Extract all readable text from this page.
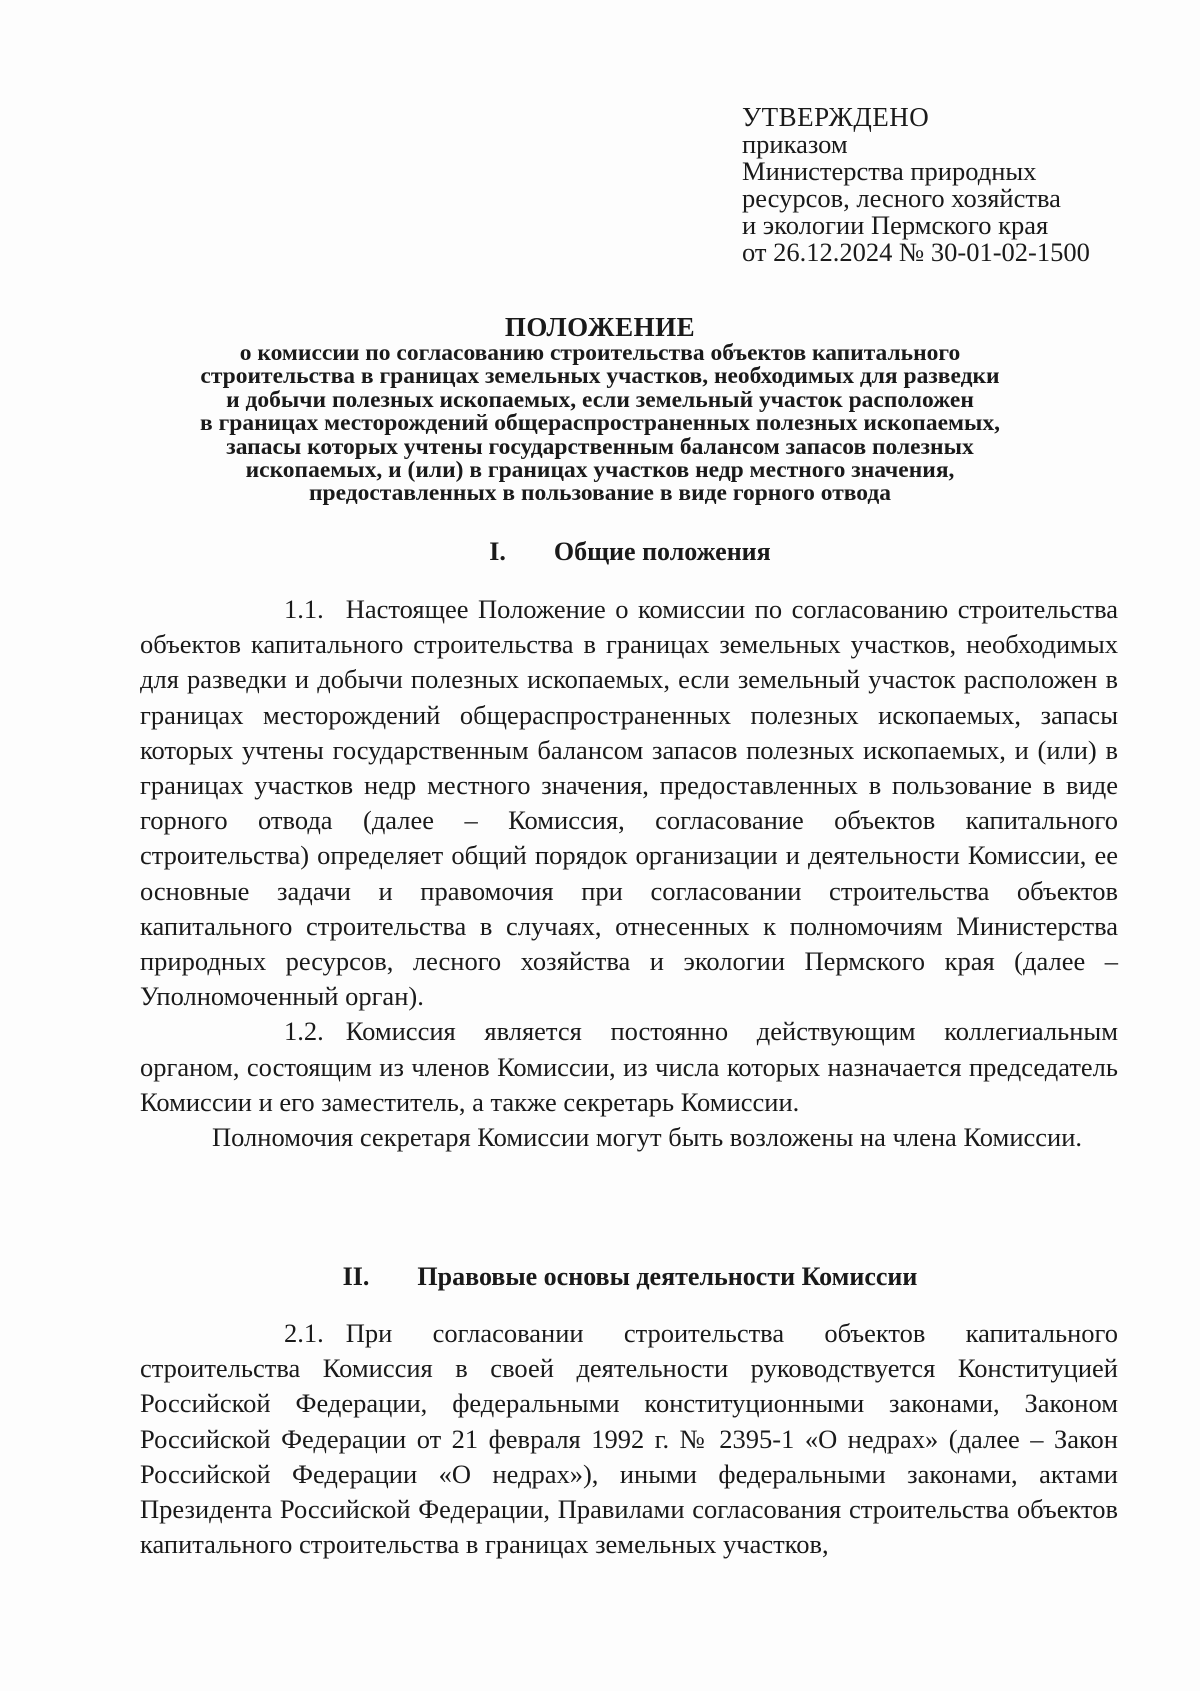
УТВЕРЖДЕНО
приказом
Министерства природных
ресурсов, лесного хозяйства
и экологии Пермского края
от 26.12.2024 № 30-01-02-1500
ПОЛОЖЕНИЕ
о комиссии по согласованию строительства объектов капитального
строительства в границах земельных участков, необходимых для разведки
и добычи полезных ископаемых, если земельный участок расположен
в границах месторождений общераспространенных полезных ископаемых,
запасы которых учтены государственным балансом запасов полезных
ископаемых, и (или) в границах участков недр местного значения,
предоставленных в пользование в виде горного отвода
I. Общие положения

1.1. Настоящее Положение о комиссии по согласованию строительства объектов капитального строительства в границах земельных участков, необходимых для разведки и добычи полезных ископаемых, если земельный участок расположен в границах месторождений общераспространенных полезных ископаемых, запасы которых учтены государственным балансом запасов полезных ископаемых, и (или) в границах участков недр местного значения, предоставленных в пользование в виде горного отвода (далее – Комиссия, согласование объектов капитального строительства) определяет общий порядок организации и деятельности Комиссии, ее основные задачи и правомочия при согласовании строительства объектов капитального строительства в случаях, отнесенных к полномочиям Министерства природных ресурсов, лесного хозяйства и экологии Пермского края (далее – Уполномоченный орган).

1.2. Комиссия является постоянно действующим коллегиальным органом, состоящим из членов Комиссии, из числа которых назначается председатель Комиссии и его заместитель, а также секретарь Комиссии.

Полномочия секретаря Комиссии могут быть возложены на члена Комиссии.

II. Правовые основы деятельности Комиссии

2.1. При согласовании строительства объектов капитального строительства Комиссия в своей деятельности руководствуется Конституцией Российской Федерации, федеральными конституционными законами, Законом Российской Федерации от 21 февраля 1992 г. № 2395-1 «О недрах» (далее – Закон Российской Федерации «О недрах»), иными федеральными законами, актами Президента Российской Федерации, Правилами согласования строительства объектов капитального строительства в границах земельных участков,
